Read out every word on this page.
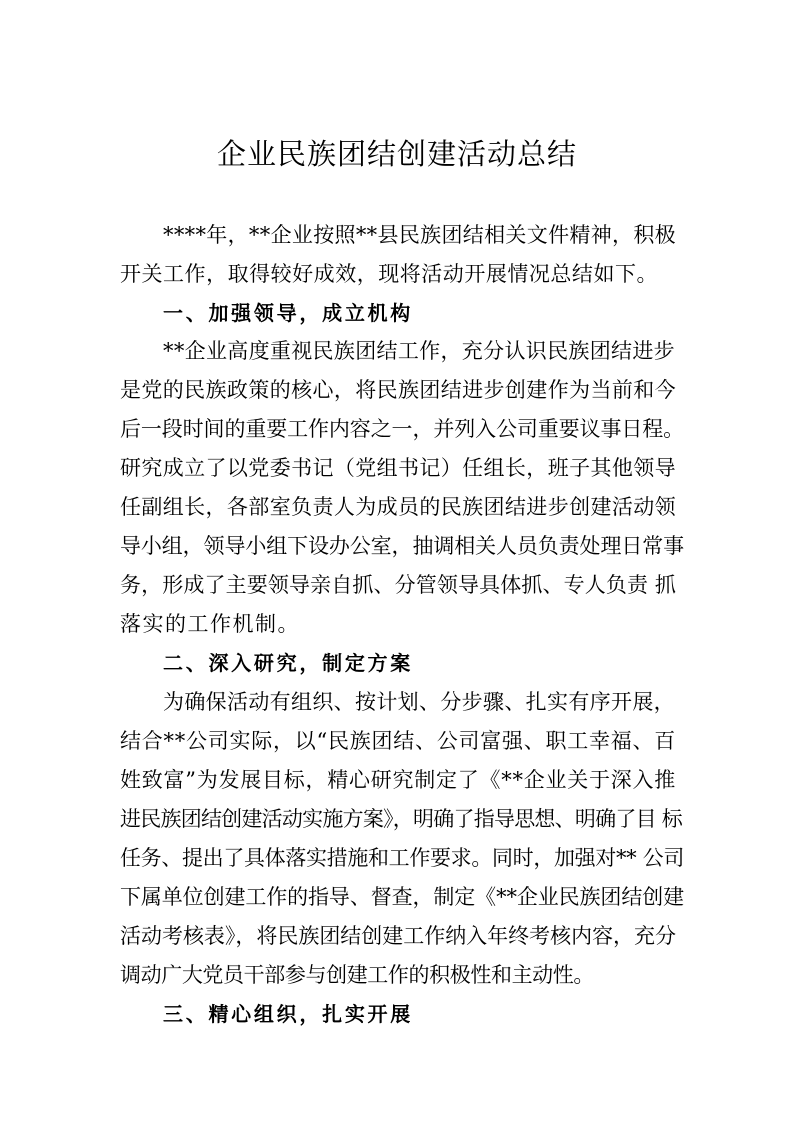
企业民族团结创建活动总结
****年，**企业按照**县民族团结相关文件精神，积极
开关工作，取得较好成效，现将活动开展情况总结如下。
一、加强领导，成立机构
**企业高度重视民族团结工作，充分认识民族团结进步
是党的民族政策的核心，将民族团结进步创建作为当前和今
后一段时间的重要工作内容之一，并列入公司重要议事日程。
研究成立了以党委书记（党组书记）任组长，班子其他领导
任副组长，各部室负责人为成员的民族团结进步创建活动领
导小组，领导小组下设办公室，抽调相关人员负责处理日常事
务，形成了主要领导亲自抓、分管领导具体抓、专人负责 抓
落实的工作机制。
二、深入研究，制定方案
为确保活动有组织、按计划、分步骤、扎实有序开展，
结合**公司实际，以“民族团结、公司富强、职工幸福、百
姓致富”为发展目标，精心研究制定了《**企业关于深入推
进民族团结创建活动实施方案》，明确了指导思想、明确了目 标
任务、提出了具体落实措施和工作要求。同时，加强对** 公司
下属单位创建工作的指导、督查，制定《**企业民族团结创建
活动考核表》，将民族团结创建工作纳入年终考核内容，充分
调动广大党员干部参与创建工作的积极性和主动性。
三、精心组织，扎实开展
